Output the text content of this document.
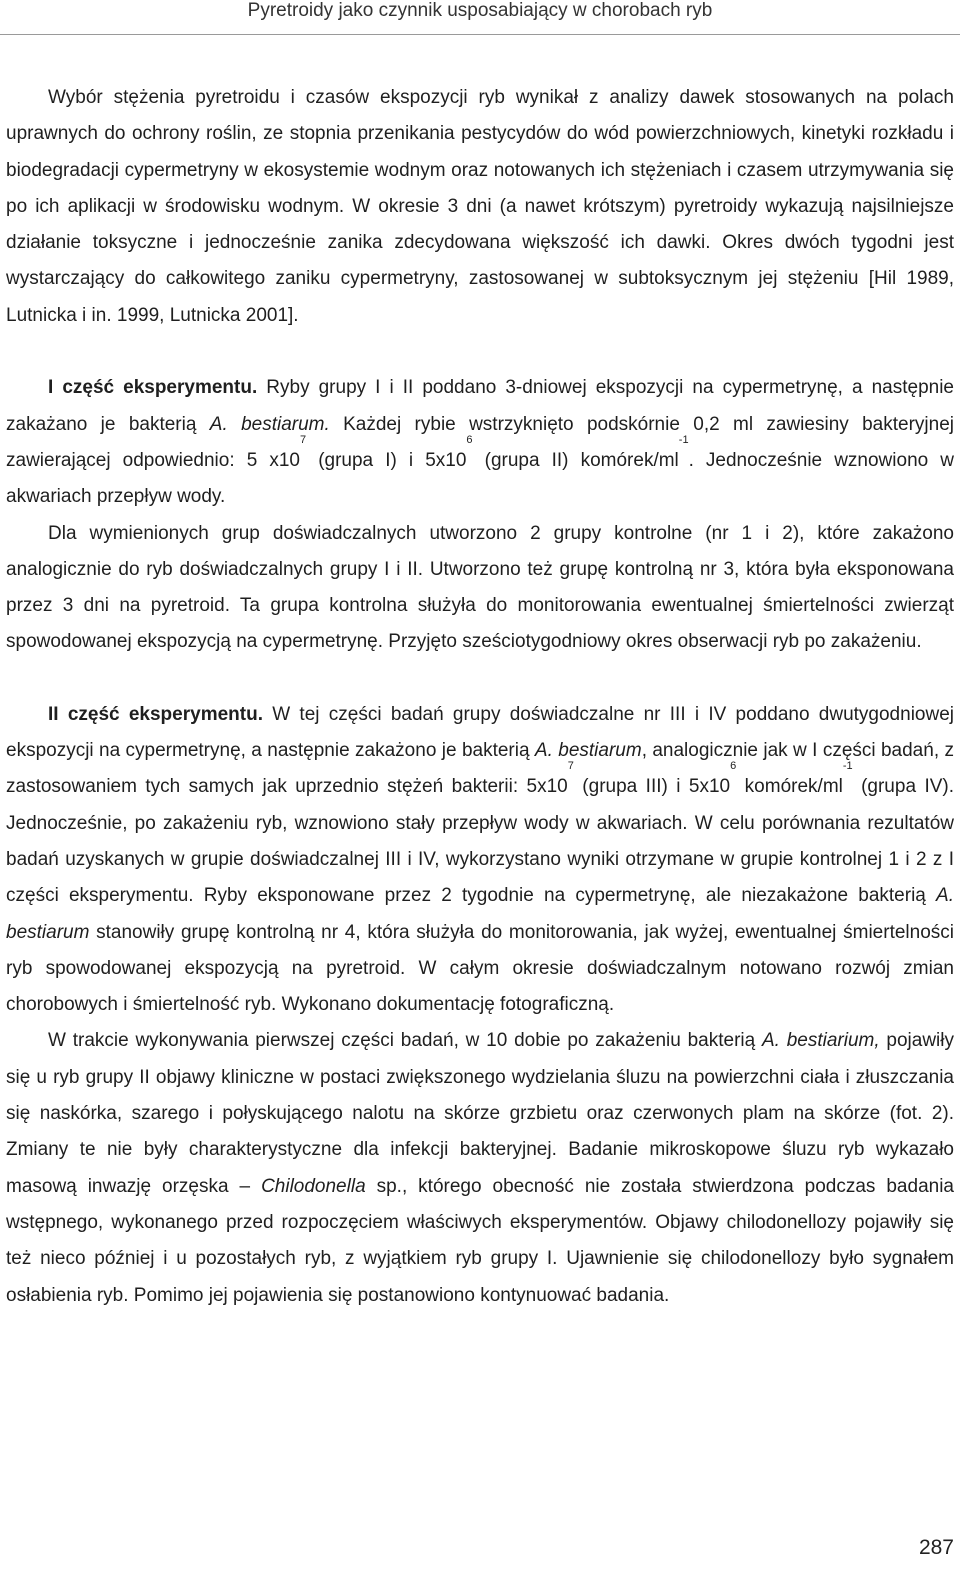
Pyretroidy jako czynnik usposabiający w chorobach ryb

Wybór stężenia pyretroidu i czasów ekspozycji ryb wynikał z analizy dawek stosowanych na polach uprawnych do ochrony roślin, ze stopnia przenikania pestycydów do wód powierzchniowych, kinetyki rozkładu i biodegradacji cypermetryny w ekosystemie wodnym oraz notowanych ich stężeniach i czasem utrzymywania się po ich aplikacji w środowisku wodnym. W okresie 3 dni (a nawet krótszym) pyretroidy wykazują najsilniejsze działanie toksyczne i jednocześnie zanika zdecydowana większość ich dawki. Okres dwóch tygodni jest wystarczający do całkowitego zaniku cypermetryny, zastosowanej w subtoksycznym jej stężeniu [Hil 1989, Lutnicka i in. 1999, Lutnicka 2001].

I część eksperymentu. Ryby grupy I i II poddano 3-dniowej ekspozycji na cypermetrynę, a następnie zakażano je bakterią A. bestiarum. Każdej rybie wstrzyknięto podskórnie 0,2 ml zawiesiny bakteryjnej zawierającej odpowiednio: 5 $x10^7$ (grupa I) i $5x10^6$ (grupa II) komórek/$ml^{-1}$. Jednocześnie wznowiono w akwariach przepływ wody.

Dla wymienionych grup doświadczalnych utworzono 2 grupy kontrolne (nr 1 i 2), które zakażono analogicznie do ryb doświadczalnych grupy I i II. Utworzono też grupę kontrolną nr 3, która była eksponowana przez 3 dni na pyretroid. Ta grupa kontrolna służyła do monitorowania ewentualnej śmiertelności zwierząt spowodowanej ekspozycją na cypermetrynę. Przyjęto sześciotygodniowy okres obserwacji ryb po zakażeniu.

II część eksperymentu. W tej części badań grupy doświadczalne nr III i IV poddano dwutygodniowej ekspozycji na cypermetrynę, a następnie zakażono je bakterią A. bestiarum, analogicznie jak w I części badań, z zastosowaniem tych samych jak uprzednio stężeń bakterii: $5x10^7$ (grupa III) i $5x10^6$ komórek/$ml^{-1}$ (grupa IV). Jednocześnie, po zakażeniu ryb, wznowiono stały przepływ wody w akwariach. W celu porównania rezultatów badań uzyskanych w grupie doświadczalnej III i IV, wykorzystano wyniki otrzymane w grupie kontrolnej 1 i 2 z I części eksperymentu. Ryby eksponowane przez 2 tygodnie na cypermetrynę, ale niezakażone bakterią A. bestiarum stanowiły grupę kontrolną nr 4, która służyła do monitorowania, jak wyżej, ewentualnej śmiertelności ryb spowodowanej ekspozycją na pyretroid. W całym okresie doświadczalnym notowano rozwój zmian chorobowych i śmiertelność ryb. Wykonano dokumentację fotograficzną.

W trakcie wykonywania pierwszej części badań, w 10 dobie po zakażeniu bakterią A. bestiarium, pojawiły się u ryb grupy II objawy kliniczne w postaci zwiększonego wydzielania śluzu na powierzchni ciała i złuszczania się naskórka, szarego i połyskującego nalotu na skórze grzbietu oraz czerwonych plam na skórze (fot. 2). Zmiany te nie były charakterystyczne dla infekcji bakteryjnej. Badanie mikroskopowe śluzu ryb wykazało masową inwazję orzęska – Chilodonella sp., którego obecność nie została stwierdzona podczas badania wstępnego, wykonanego przed rozpoczęciem właściwych eksperymentów. Objawy chilodonellozy pojawiły się też nieco później i u pozostałych ryb, z wyjątkiem ryb grupy I. Ujawnienie się chilodonellozy było sygnałem osłabienia ryb. Pomimo jej pojawienia się postanowiono kontynuować badania.

287
